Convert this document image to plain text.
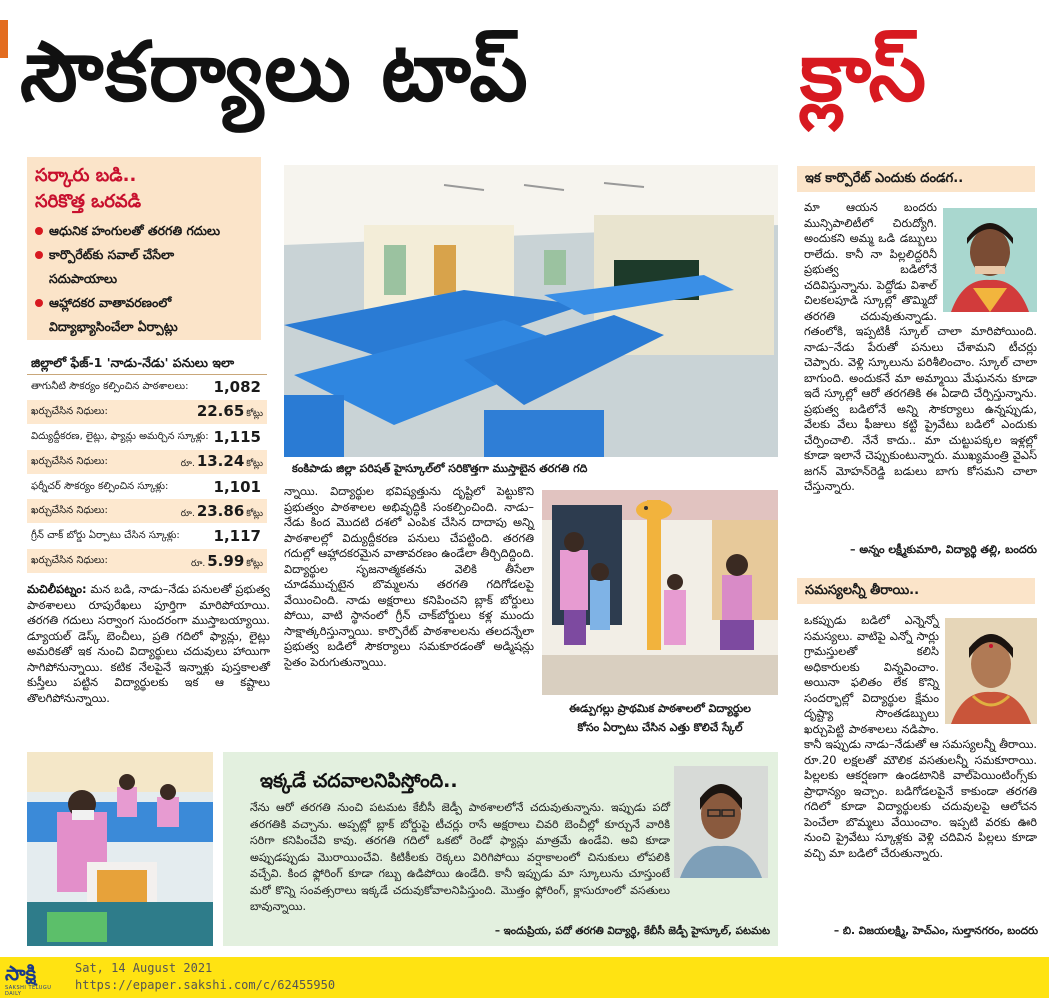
సౌకర్యాలు టాప్	క్లాస్
సర్కారు బడి..
సరికొత్త ఒరవడి
ఆధునిక హంగులతో తరగతి గదులు
కార్పొరేట్‌కు సవాల్ చేసేలా
సదుపాయాలు
ఆహ్లాదకర వాతావరణంలో
విద్యాభ్యాసించేలా ఏర్పాట్లు
జిల్లాలో ఫేజ్-1 'నాడు-నేడు' పనులు ఇలా
తాగునీటి సౌకర్యం కల్పించిన పాఠశాలలు: 1,082
ఖర్చుచేసిన నిధులు:	22.65 కోట్లు
విద్యుద్దీకరణ, లైట్లు, ఫ్యాన్లు అమర్చిన స్కూళ్లు: 1,115
ఖర్చుచేసిన నిధులు:	రూ. 13.24 కోట్లు
ఫర్నీచర్ సౌకర్యం కల్పించిన స్కూళ్లు:	1,101
ఖర్చుచేసిన నిధులు:	రూ. 23.86 కోట్లు
గ్రీన్ చాక్ బోర్డు ఏర్పాటు చేసిన స్కూళ్లు: 1,117
ఖర్చుచేసిన నిధులు:	రూ. 5.99 కోట్లు
మచిలీపట్నం: మన బడి, నాడు–నేడు పనులతో ప్రభుత్వ పాఠశాలలు రూపురేఖలు పూర్తిగా మారిపోయాయి. తరగతి గదులు సర్వాంగ సుందరంగా ముస్తాబయ్యాయి. డ్యూయల్ డెస్క్ బెంచీలు, ప్రతి గదిలో ఫ్యాన్లు, లైట్లు అమరికతో ఇక నుంచి విద్యార్థులు చదువులు హాయిగా సాగిపోనున్నాయి. కటిక నేలపైనే ఇన్నాళ్లు పుస్తకాలతో కుస్తీలు పట్టిన విద్యార్థులకు ఇక ఆ కష్టాలు తొలగిపోనున్నాయి.
కంకిపాడు జిల్లా పరిషత్ హైస్కూల్‌లో సరికొత్తగా ముస్తాబైన తరగతి గది
న్నాయి. విద్యార్థుల భవిష్యత్తును దృష్టిలో పెట్టుకొని ప్రభుత్వం పాఠశాలల అభివృద్ధికి సంకల్పించింది. నాడు–నేడు కింద మొదటి దశలో ఎంపిక చేసిన దాదాపు అన్ని పాఠశాలల్లో విద్యుద్దీకరణ పనులు చేపట్టింది. తరగతి గదుల్లో ఆహ్లాదకరమైన వాతావరణం ఉండేలా తీర్చిదిద్దింది. విద్యార్థుల సృజనాత్మకతను వెలికి తీసేలా చూడముచ్చటైన బొమ్మలను తరగతి గదిగోడలపై వేయించింది. నాడు అక్షరాలు కనిపించని బ్లాక్ బోర్డులు పోయి, వాటి స్థానంలో గ్రీన్ చాక్‌బోర్డులు కళ్ల ముందు సాక్షాత్కరిస్తున్నాయి. కార్పొరేట్ పాఠశాలలను తలదన్నేలా ప్రభుత్వ బడిలో సౌకర్యాలు సమకూరడంతో అడ్మిషన్లు సైతం పెరుగుతున్నాయి.
ఈడ్పుగల్లు ప్రాథమిక పాఠశాలలో విద్యార్థుల
కోసం ఏర్పాటు చేసిన ఎత్తు కొలిచే స్కేల్
ఇక కార్పొరేట్ ఎందుకు దండగ..
మా ఆయన బందరు మున్సిపాలిటీలో చిరుద్యోగి. అందుకని అమ్మ ఒడి డబ్బులు రాలేదు. కానీ నా పిల్లలిద్దరినీ ప్రభుత్వ బడిలోనే చదివిస్తున్నాను. పెద్దోడు విశాల్ చిలకలపూడి స్కూల్లో తొమ్మిదో తరగతి చదువుతున్నాడు. గతంలోకి, ఇప్పటికీ స్కూల్ చాలా మారిపోయింది. నాడు–నేడు పేరుతో పనులు చేశామని టీచర్లు చెప్పారు. వెళ్లి స్కూలును పరిశీలించాం. స్కూల్ చాలా బాగుంది. అందుకనే మా అమ్మాయి మేఘనను కూడా ఇదే స్కూల్లో ఆరో తరగతికి ఈ ఏడాది చేర్పిస్తున్నాను. ప్రభుత్వ బడిలోనే అన్ని సౌకర్యాలు ఉన్నప్పుడు, వేలకు వేలు ఫీజులు కట్టి ప్రైవేటు బడిలో ఎందుకు చేర్పించాలి. నేనే కాదు.. మా చుట్టుపక్కల ఇళ్లల్లో కూడా ఇలానే చెప్పుకుంటున్నారు. ముఖ్యమంత్రి వైఎస్ జగన్ మోహన్‌రెడ్డి బడులు బాగు కోసమని చాలా చేస్తున్నారు.
– అన్నం లక్ష్మీకుమారి, విద్యార్థి తల్లి, బందరు
సమస్యలన్నీ తీరాయి..
ఒకప్పుడు బడిలో ఎన్నెన్నో సమస్యలు. వాటిపై ఎన్నో సార్లు గ్రామస్తులతో కలిసి అధికారులకు విన్నవించాం. అయినా ఫలితం లేక కొన్ని సందర్భాల్లో విద్యార్థుల క్షేమం దృష్ట్యా సొంతడబ్బులు ఖర్చుపెట్టి పాఠశాలలు నడిపాం. కానీ ఇప్పుడు నాడు–నేడుతో ఆ సమస్యలన్నీ తీరాయి. రూ.20 లక్షలతో మౌలిక వసతులన్నీ సమకూరాయి. పిల్లలకు ఆకర్షణగా ఉండటానికి వాల్‌పెయింటింగ్స్‌కు ప్రాధాన్యం ఇచ్చాం. బడిగోడలపైనే కాకుండా తరగతి గదిలో కూడా విద్యార్థులకు చదువులపై ఆలోచన పెంచేలా బొమ్మలు వేయించాం. ఇప్పటి వరకు ఊరి నుంచి ప్రైవేటు స్కూళ్లకు వెళ్లి చదివిన పిల్లలు కూడా వచ్చి మా బడిలో చేరుతున్నారు.
– బి. విజయలక్ష్మి, హెచ్‌ఎం, సుల్తానగరం, బందరు
ఇక్కడే చదవాలనిపిస్తోంది..
నేను ఆరో తరగతి నుంచి పటమట కేబీసీ జెడ్పీ పాఠశాలలోనే చదువుతున్నాను. ఇప్పుడు పదో తరగతికి వచ్చాను. అప్పట్లో బ్లాక్ బోర్డుపై టీచర్లు రాసే అక్షరాలు చివరి బెంచీల్లో కూర్చునే వారికి సరిగా కనిపించేవి కావు. తరగతి గదిలో ఒకటో రెండో ఫ్యాన్లు మాత్రమే ఉండేవి. అవి కూడా అప్పుడప్పుడు మొరాయించేవి. కిటికీలకు రెక్కలు విరిగిపోయి వర్షాకాలంలో చినుకులు లోపలికి వచ్చేవి. కింద ఫ్లోరింగ్ కూడా గబ్బు ఉడిపోయి ఉండేది. కానీ ఇప్పుడు మా స్కూలును చూస్తుంటే మరో కొన్ని సంవత్సరాలు ఇక్కడే చదువుకోవాలనిపిస్తుంది. మొత్తం ఫ్లోరింగ్, క్లాసురూంలో వసతులు బావున్నాయి.
– ఇందుప్రియ, పదో తరగతి విద్యార్థి, కేబీసీ జెడ్పీ హైస్కూల్, పటమట
సాక్షి
SAKSHI TELUGU DAILY
Sat, 14 August 2021
https://epaper.sakshi.com/c/62455950
